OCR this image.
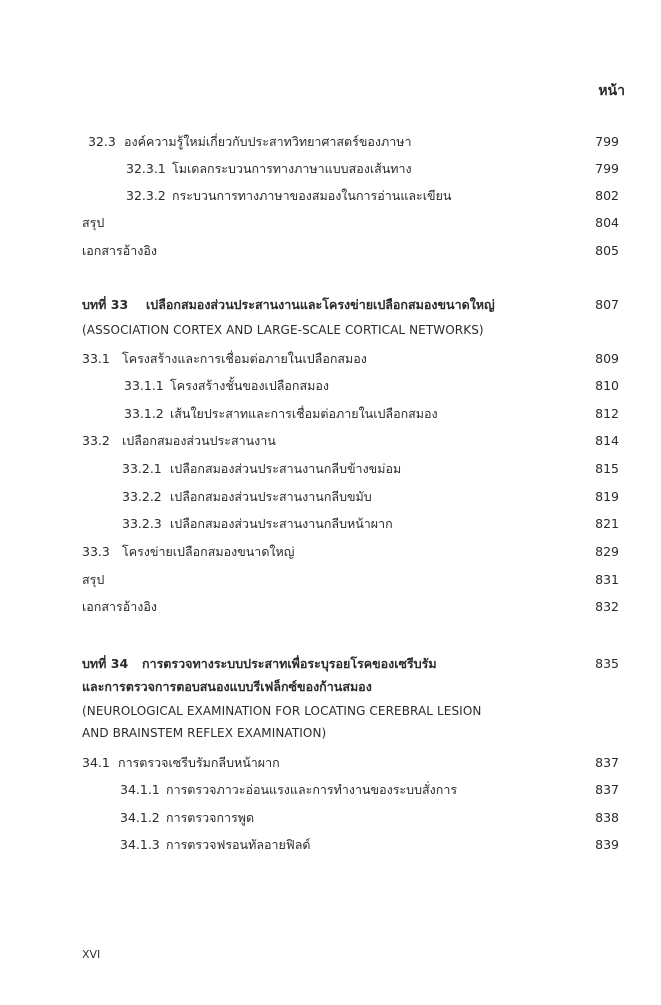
หน้า
32.3 องค์ความรู้ใหม่เกี่ยวกับประสาทวิทยาศาสตร์ของภาษา	799
32.3.1 โมเดลกระบวนการทางภาษาแบบสองเส้นทาง	799
32.3.2 กระบวนการทางภาษาของสมองในการอ่านและเขียน	802
สรุป	804
เอกสารอ้างอิง	805
บทที่ 33 เปลือกสมองส่วนประสานงานและโครงข่ายเปลือกสมองขนาดใหญ่	807
(ASSOCIATION CORTEX AND LARGE-SCALE CORTICAL NETWORKS)
33.1 โครงสร้างและการเชื่อมต่อภายในเปลือกสมอง	809
33.1.1 โครงสร้างชั้นของเปลือกสมอง	810
33.1.2 เส้นใยประสาทและการเชื่อมต่อภายในเปลือกสมอง	812
33.2 เปลือกสมองส่วนประสานงาน	814
33.2.1 เปลือกสมองส่วนประสานงานกลีบข้างขม่อม	815
33.2.2 เปลือกสมองส่วนประสานงานกลีบขมับ	819
33.2.3 เปลือกสมองส่วนประสานงานกลีบหน้าผาก	821
33.3 โครงข่ายเปลือกสมองขนาดใหญ่	829
สรุป	831
เอกสารอ้างอิง	832
บทที่ 34 การตรวจทางระบบประสาทเพื่อระบุรอยโรคของเซรีบรัม	835
และการตรวจการตอบสนองแบบรีเฟล็กซ์ของก้านสมอง
(NEUROLOGICAL EXAMINATION FOR LOCATING CEREBRAL LESION
AND BRAINSTEM REFLEX EXAMINATION)
34.1 การตรวจเซรีบรัมกลีบหน้าผาก	837
34.1.1 การตรวจภาวะอ่อนแรงและการทำงานของระบบสั่งการ	837
34.1.2 การตรวจการพูด	838
34.1.3 การตรวจฟรอนทัลอายฟิลด์	839
XVI
